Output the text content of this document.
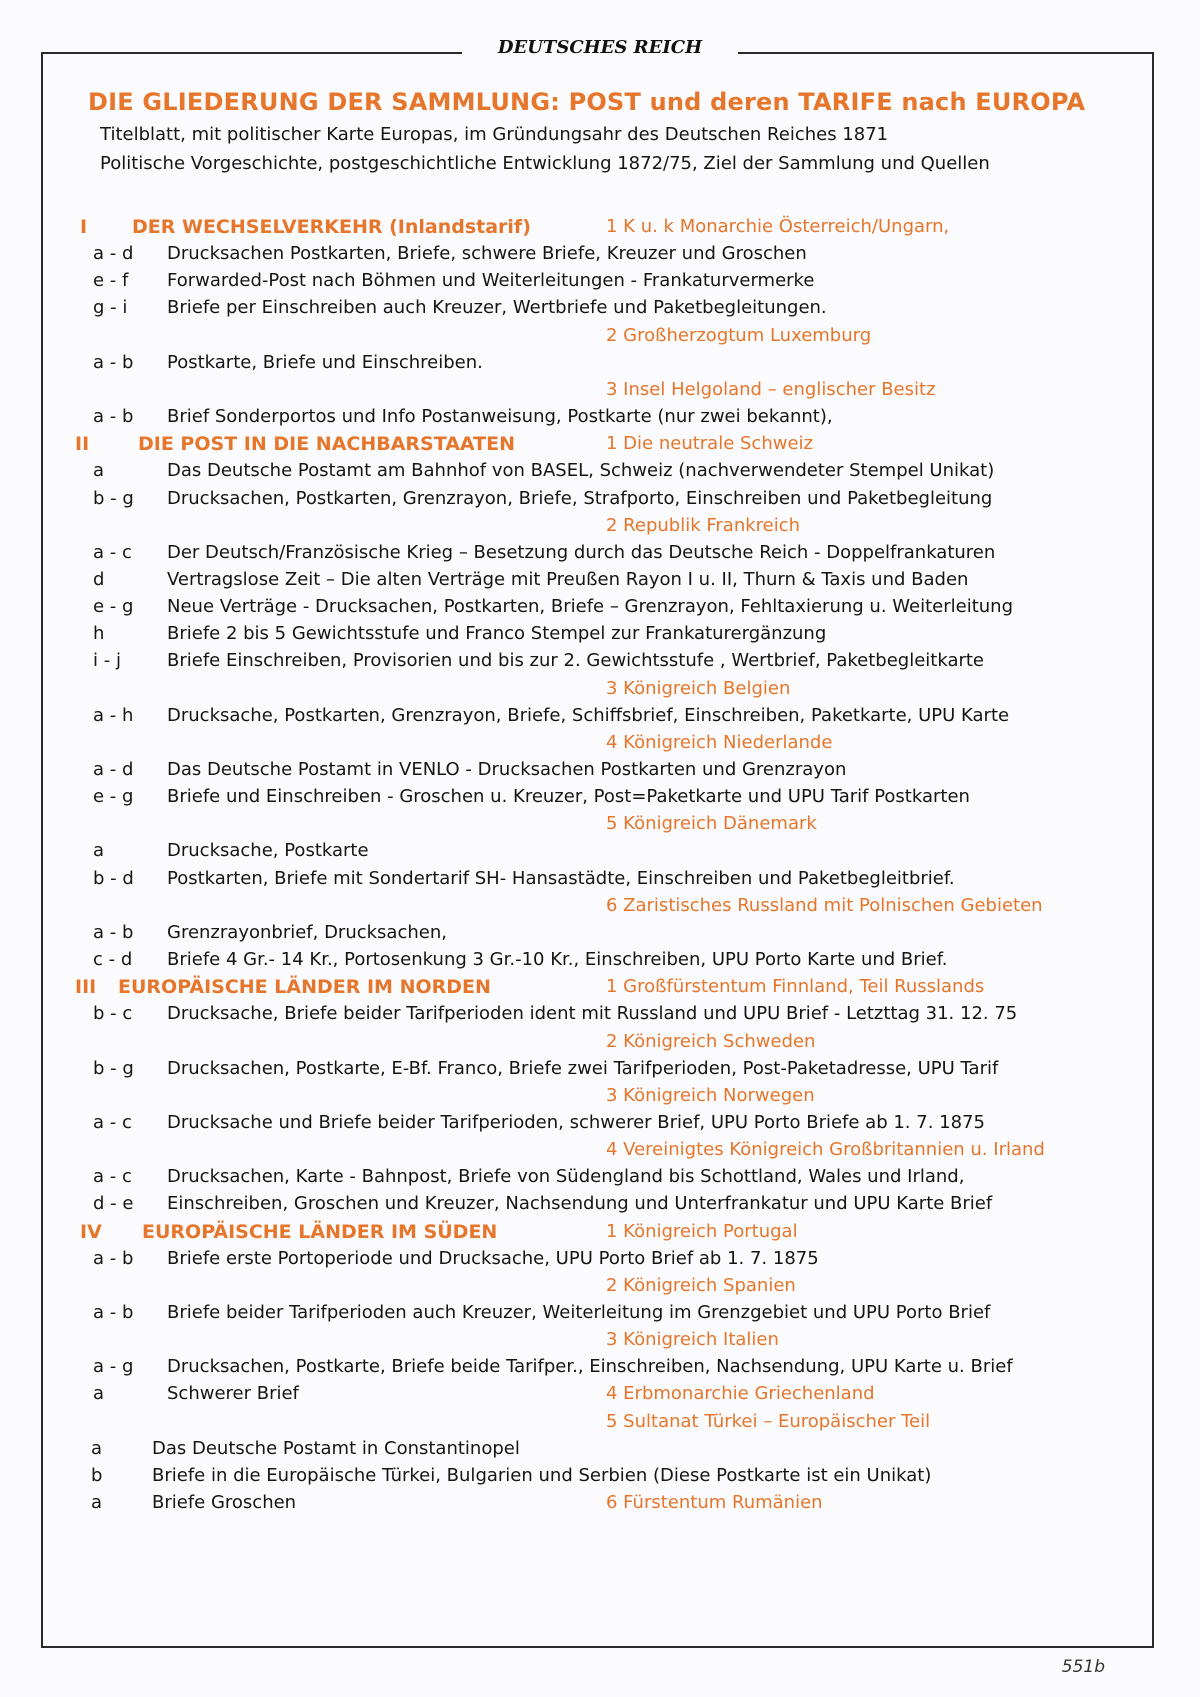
DEUTSCHES REICH
DIE GLIEDERUNG DER SAMMLUNG: POST und deren TARIFE nach EUROPA
Titelblatt, mit politischer Karte Europas, im Gründungsahr des Deutschen Reiches 1871
Politische Vorgeschichte, postgeschichtliche Entwicklung 1872/75, Ziel der Sammlung und Quellen
I DER WECHSELVERKEHR (Inlandstarif)	1 K u. k Monarchie Österreich/Ungarn,
a - d Drucksachen Postkarten, Briefe, schwere Briefe, Kreuzer und Groschen
e - f Forwarded-Post nach Böhmen und Weiterleitungen - Frankaturvermerke
g - i Briefe per Einschreiben auch Kreuzer, Wertbriefe und Paketbegleitungen.
2 Großherzogtum Luxemburg
a - b Postkarte, Briefe und Einschreiben.
3 Insel Helgoland – englischer Besitz
a - b Brief Sonderportos und Info Postanweisung, Postkarte (nur zwei bekannt),
II	DIE POST IN DIE NACHBARSTAATEN	1 Die neutrale Schweiz
a	Das Deutsche Postamt am Bahnhof von BASEL, Schweiz (nachverwendeter Stempel Unikat)
b - g Drucksachen, Postkarten, Grenzrayon, Briefe, Strafporto, Einschreiben und Paketbegleitung
2 Republik Frankreich
a - c Der Deutsch/Französische Krieg – Besetzung durch das Deutsche Reich - Doppelfrankaturen
d	Vertragslose Zeit – Die alten Verträge mit Preußen Rayon I u. II, Thurn & Taxis und Baden
e - g Neue Verträge - Drucksachen, Postkarten, Briefe – Grenzrayon, Fehltaxierung u. Weiterleitung
h	Briefe 2 bis 5 Gewichtsstufe und Franco Stempel zur Frankaturergänzung
i - j	Briefe Einschreiben, Provisorien und bis zur 2. Gewichtsstufe , Wertbrief, Paketbegleitkarte
3 Königreich Belgien
a - h Drucksache, Postkarten, Grenzrayon, Briefe, Schiffsbrief, Einschreiben, Paketkarte, UPU Karte
4 Königreich Niederlande
a - d Das Deutsche Postamt in VENLO - Drucksachen Postkarten und Grenzrayon
e - g Briefe und Einschreiben - Groschen u. Kreuzer, Post=Paketkarte und UPU Tarif Postkarten
5 Königreich Dänemark
a	Drucksache, Postkarte
b - d Postkarten, Briefe mit Sondertarif SH- Hansastädte, Einschreiben und Paketbegleitbrief.
6 Zaristisches Russland mit Polnischen Gebieten
a - b Grenzrayonbrief, Drucksachen,
c - d Briefe 4 Gr.- 14 Kr., Portosenkung 3 Gr.-10 Kr., Einschreiben, UPU Porto Karte und Brief.
III EUROPÄISCHE LÄNDER IM NORDEN	1 Großfürstentum Finnland, Teil Russlands
b - c Drucksache, Briefe beider Tarifperioden ident mit Russland und UPU Brief - Letzttag 31. 12. 75
2 Königreich Schweden
b - g Drucksachen, Postkarte, E-Bf. Franco, Briefe zwei Tarifperioden, Post-Paketadresse, UPU Tarif
3 Königreich Norwegen
a - c Drucksache und Briefe beider Tarifperioden, schwerer Brief, UPU Porto Briefe ab 1. 7. 1875
4 Vereinigtes Königreich Großbritannien u. Irland
a - c Drucksachen, Karte - Bahnpost, Briefe von Südengland bis Schottland, Wales und Irland,
d - e Einschreiben, Groschen und Kreuzer, Nachsendung und Unterfrankatur und UPU Karte Brief
IV EUROPÄISCHE LÄNDER IM SÜDEN	1 Königreich Portugal
a - b Briefe erste Portoperiode und Drucksache, UPU Porto Brief ab 1. 7. 1875
2 Königreich Spanien
a - b Briefe beider Tarifperioden auch Kreuzer, Weiterleitung im Grenzgebiet und UPU Porto Brief
3 Königreich Italien
a - g Drucksachen, Postkarte, Briefe beide Tarifper., Einschreiben, Nachsendung, UPU Karte u. Brief
a	Schwerer Brief	4 Erbmonarchie Griechenland
5 Sultanat Türkei – Europäischer Teil
a	Das Deutsche Postamt in Constantinopel
b	Briefe in die Europäische Türkei, Bulgarien und Serbien (Diese Postkarte ist ein Unikat)
a	Briefe Groschen	6 Fürstentum Rumänien
551b
